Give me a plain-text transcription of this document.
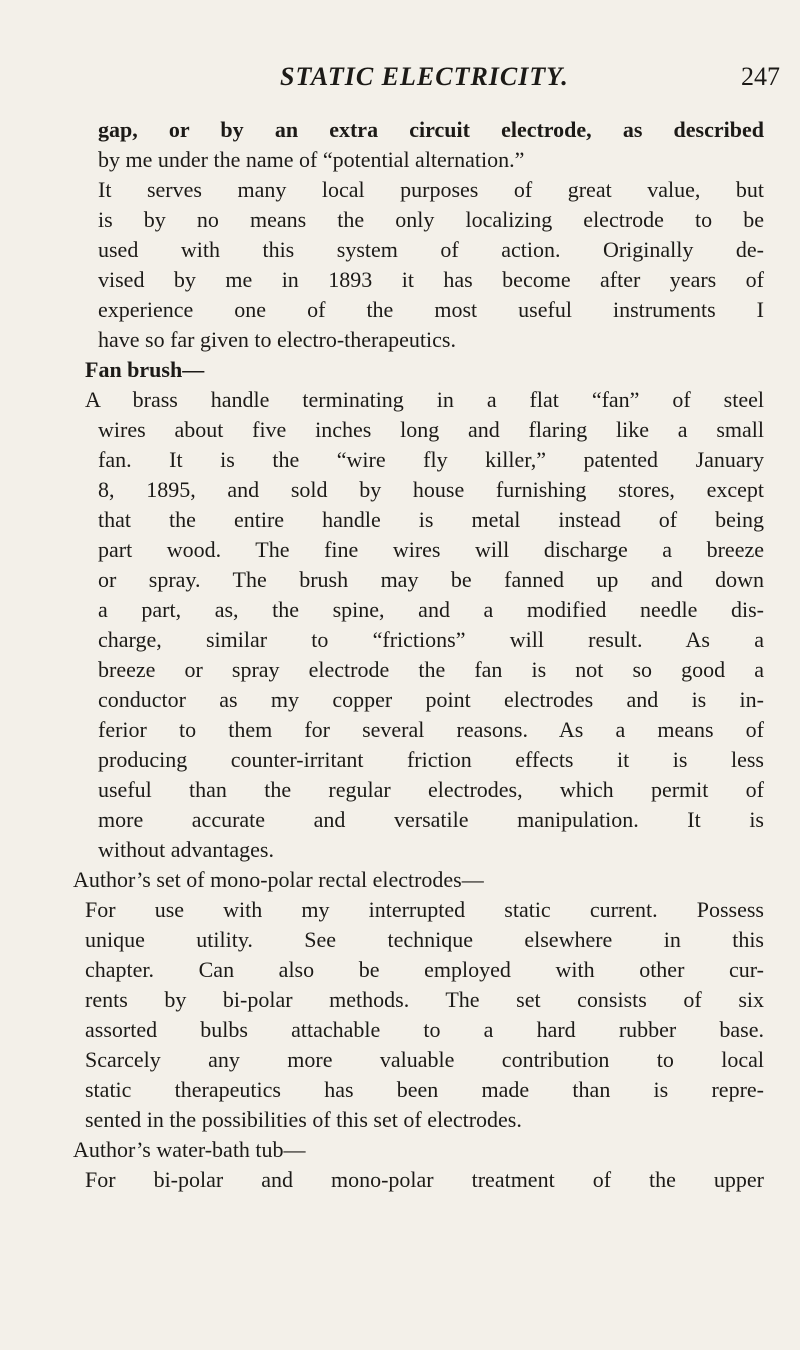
STATIC ELECTRICITY.	247
gap, or by an extra circuit electrode, as described
by me under the name of “potential alternation.”
It serves many local purposes of great value, but
is by no means the only localizing electrode to be
used with this system of action. Originally de-
vised by me in 1893 it has become after years of
experience one of the most useful instruments I
have so far given to electro-therapeutics.
Fan brush—
A brass handle terminating in a flat “fan” of steel
wires about five inches long and flaring like a small
fan. It is the “wire fly killer,” patented January
8, 1895, and sold by house furnishing stores, except
that the entire handle is metal instead of being
part wood. The fine wires will discharge a breeze
or spray. The brush may be fanned up and down
a part, as, the spine, and a modified needle dis-
charge, similar to “frictions” will result. As a
breeze or spray electrode the fan is not so good a
conductor as my copper point electrodes and is in-
ferior to them for several reasons. As a means of
producing counter-irritant friction effects it is less
useful than the regular electrodes, which permit of
more accurate and versatile manipulation. It is
without advantages.
Author’s set of mono-polar rectal electrodes—
For use with my interrupted static current. Possess
unique utility. See technique elsewhere in this
chapter. Can also be employed with other cur-
rents by bi-polar methods. The set consists of six
assorted bulbs attachable to a hard rubber base.
Scarcely any more valuable contribution to local
static therapeutics has been made than is repre-
sented in the possibilities of this set of electrodes.
Author’s water-bath tub—
For bi-polar and mono-polar treatment of the upper
